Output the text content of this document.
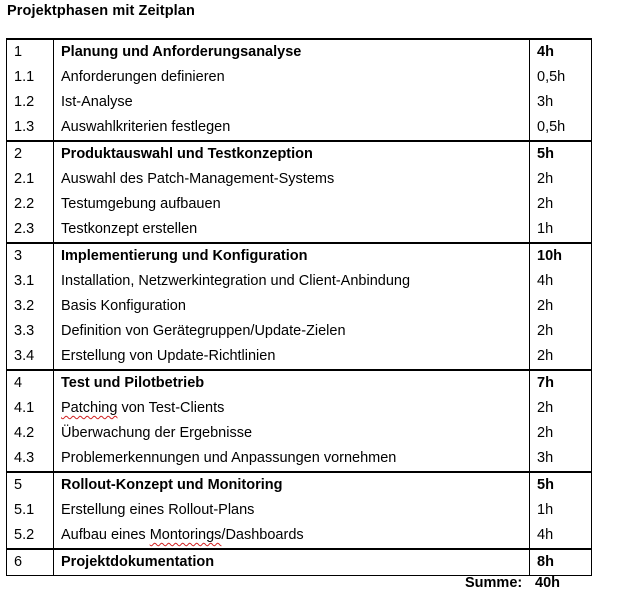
Projektphasen mit Zeitplan
1	Planung und Anforderungsanalyse	4h
1.1	Anforderungen definieren	0,5h
1.2	Ist-Analyse	3h
1.3	Auswahlkriterien festlegen	0,5h
2	Produktauswahl und Testkonzeption	5h
2.1	Auswahl des Patch-Management-Systems	2h
2.2	Testumgebung aufbauen	2h
2.3	Testkonzept erstellen	1h
3	Implementierung und Konfiguration	10h
3.1	Installation, Netzwerkintegration und Client-Anbindung	4h
3.2	Basis Konfiguration	2h
3.3	Definition von Gerätegruppen/Update-Zielen	2h
3.4	Erstellung von Update-Richtlinien	2h
4	Test und Pilotbetrieb	7h
4.1	Patching von Test-Clients	2h
4.2	Überwachung der Ergebnisse	2h
4.3	Problemerkennungen und Anpassungen vornehmen	3h
5	Rollout-Konzept und Monitoring	5h
5.1	Erstellung eines Rollout-Plans	1h
5.2	Aufbau eines Montorings/Dashboards	4h
6	Projektdokumentation	8h
Summe: 40h
